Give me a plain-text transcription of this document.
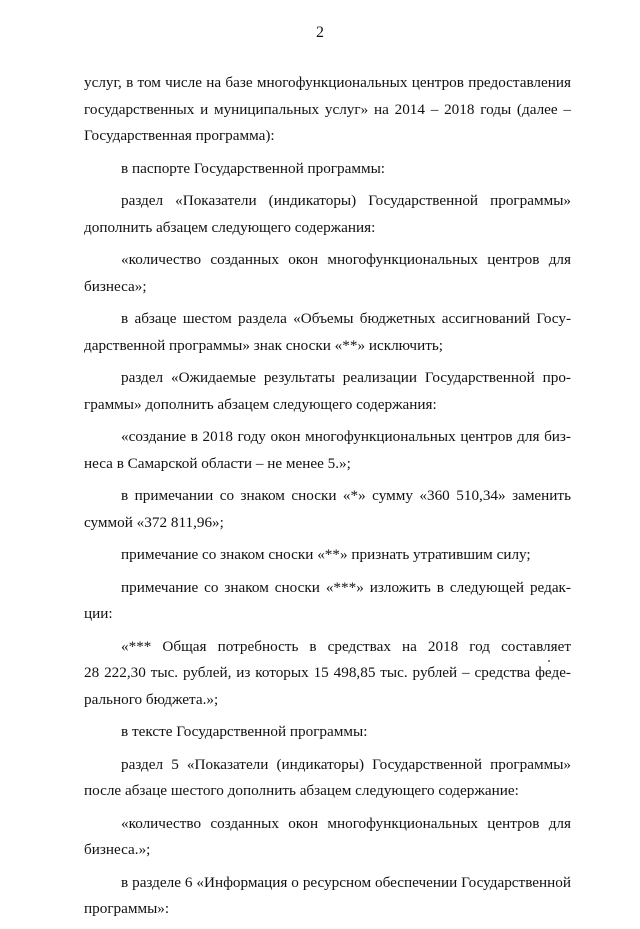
2
услуг, в том числе на базе многофункциональных центров предоставления
государственных и муниципальных услуг» на 2014 – 2018 годы (далее –
Государственная программа):
в паспорте Государственной программы:
раздел «Показатели (индикаторы) Государственной программы»
дополнить абзацем следующего содержания:
«количество созданных окон многофункциональных центров для
бизнеса»;
в абзаце шестом раздела «Объемы бюджетных ассигнований Госу-
дарственной программы» знак сноски «**» исключить;
раздел «Ожидаемые результаты реализации Государственной про-
граммы» дополнить абзацем следующего содержания:
«создание в 2018 году окон многофункциональных центров для биз-
неса в Самарской области – не менее 5.»;
в примечании со знаком сноски «*» сумму «360 510,34» заменить
суммой «372 811,96»;
примечание со знаком сноски «**» признать утратившим силу;
примечание со знаком сноски «***» изложить в следующей редак-
ции:
«*** Общая потребность в средствах на 2018 год составляет
28 222,30 тыс. рублей, из которых 15 498,85 тыс. рублей – средства феде-
рального бюджета.»;
в тексте Государственной программы:
раздел 5 «Показатели (индикаторы) Государственной программы»
после абзаце шестого дополнить абзацем следующего содержание:
«количество созданных окон многофункциональных центров для
бизнеса.»;
в разделе 6 «Информация о ресурсном обеспечении Государственной
программы»:
